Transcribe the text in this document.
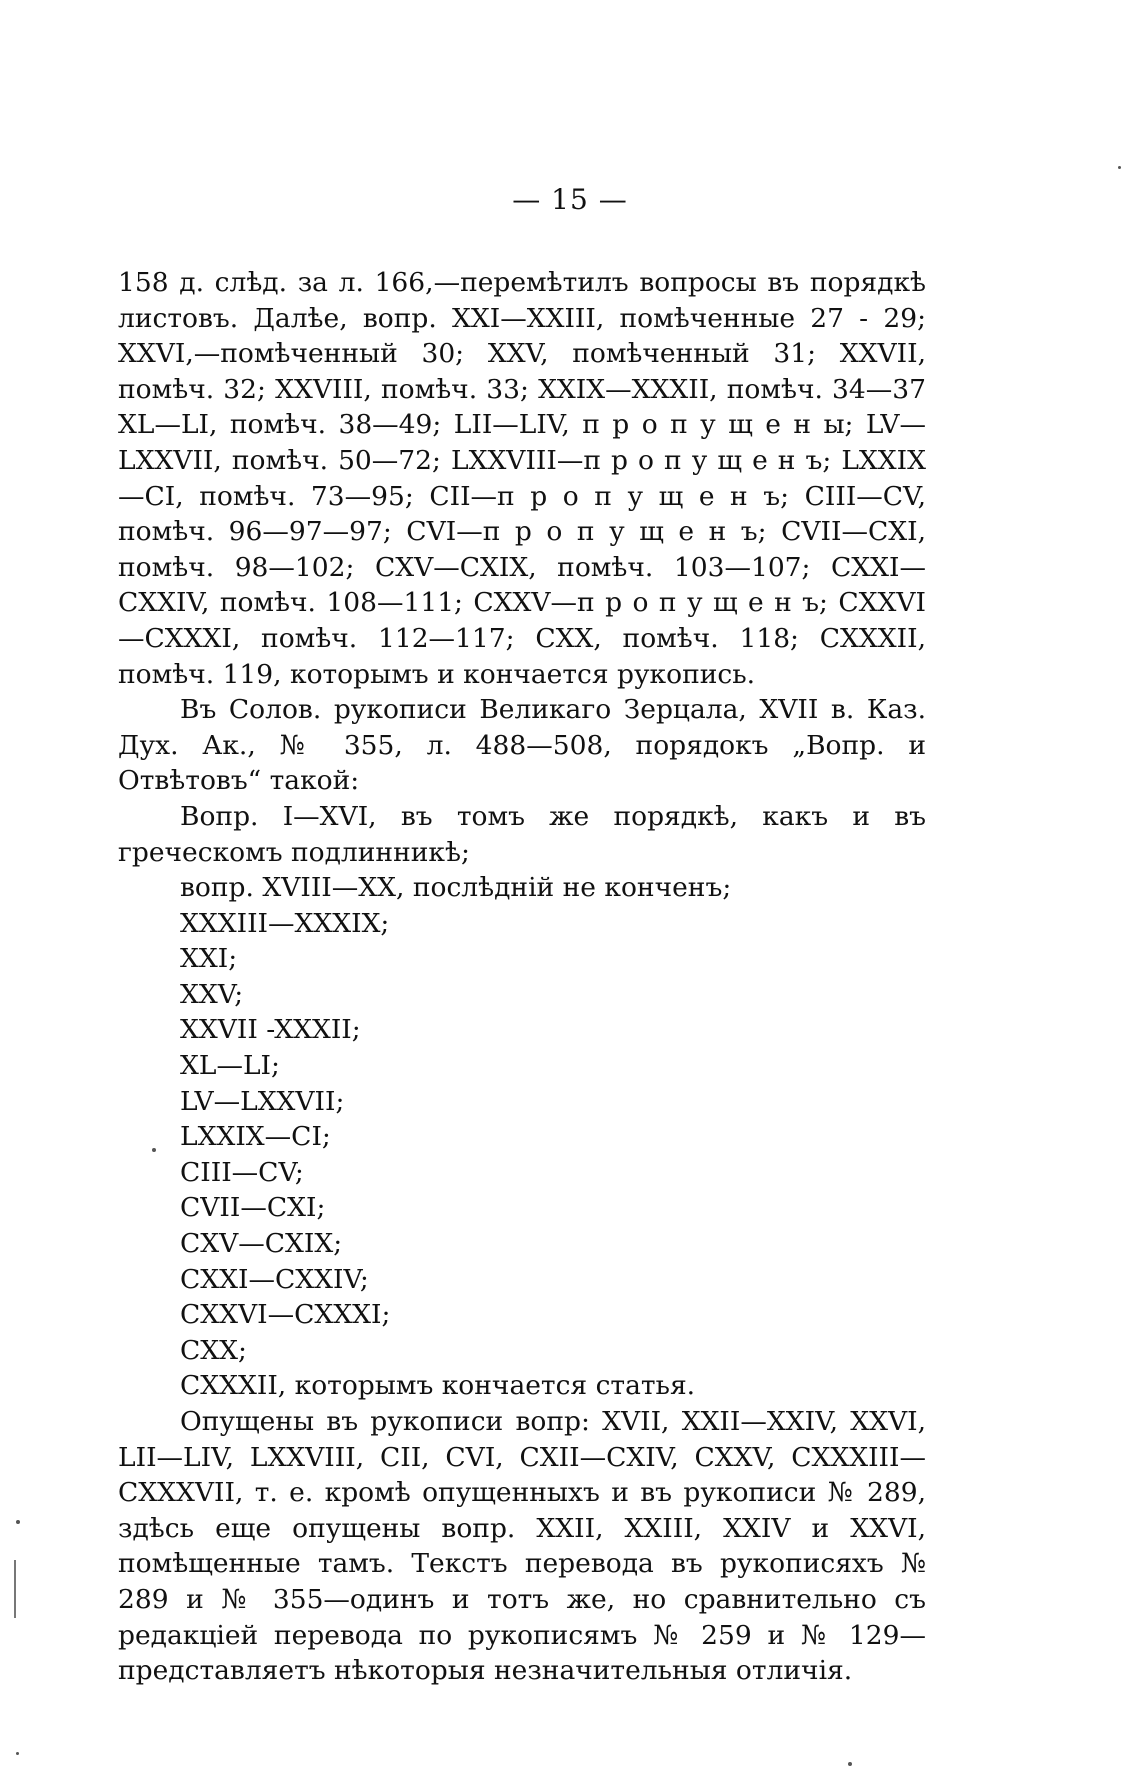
— 15 —

158 д. слѣд. за л. 166,—перемѣтилъ вопросы въ порядкѣ листовъ. Далѣе, вопр. XXI—XXIII, помѣченные 27 - 29; XXVI,—помѣченный 30; XXV, помѣченный 31; XXVII, помѣч. 32; XXVIII, помѣч. 33; XXIX—XXXII, помѣч. 34—37 XL—LI, помѣч. 38—49; LII—LIV, п р о п у щ е н ы; LV—LXXVII, помѣч. 50—72; LXXVIII—п р о п у щ е н ъ; LXXIX—CI, помѣч. 73—95; CII—п р о п у щ е н ъ; CIII—CV, помѣч. 96—97—97; CVI—п р о п у щ е н ъ; CVII—CXI, помѣч. 98—102; CXV—CXIX, помѣч. 103—107; CXXI—CXXIV, помѣч. 108—111; CXXV—п р о п у щ е н ъ; CXXVI—CXXXI, помѣч. 112—117; CXX, помѣч. 118; CXXXII, помѣч. 119, которымъ и кончается рукопись.

Въ Солов. рукописи Великаго Зерцала, XVII в. Каз. Дух. Ак., № 355, л. 488—508, порядокъ „Вопр. и Отвѣтовъ“ такой:

Вопр. I—XVI, въ томъ же порядкѣ, какъ и въ греческомъ подлинникѣ;

вопр. XVIII—XX, послѣдній не конченъ;
XXXIII—XXXIX;
XXI;
XXV;
XXVII -XXXII;
XL—LI;
LV—LXXVII;
LXXIX—CI;
CIII—CV;
CVII—CXI;
CXV—CXIX;
CXXI—CXXIV;
CXXVI—CXXXI;
CXX;
CXXXII, которымъ кончается статья.

Опущены въ рукописи вопр: XVII, XXII—XXIV, XXVI, LII—LIV, LXXVIII, CII, CVI, CXII—CXIV, CXXV, CXXXIII—CXXXVII, т. е. кромѣ опущенныхъ и въ рукописи № 289, здѣсь еще опущены вопр. XXII, XXIII, XXIV и XXVI, помѣщенные тамъ. Текстъ перевода въ рукописяхъ № 289 и № 355—одинъ и тотъ же, но сравнительно съ редакціей перевода по рукописямъ № 259 и № 129—представляетъ нѣкоторыя незначительныя отличія.
